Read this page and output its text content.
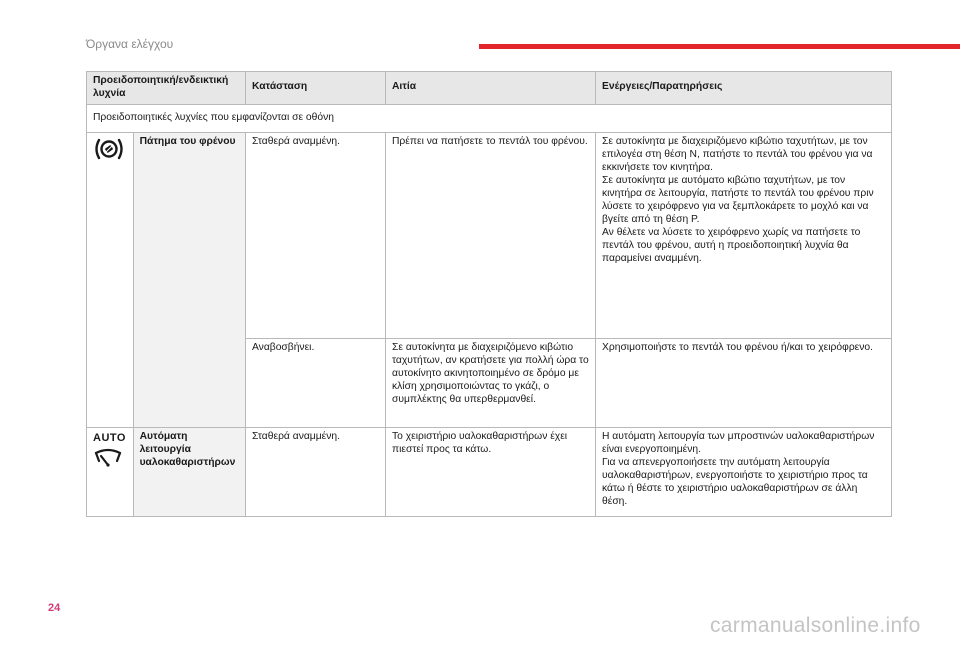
Όργανα ελέγχου
Προειδοποιητική/ενδεικτική λυχνία		Κατάσταση	Αιτία	Ενέργειες/Παρατηρήσεις
Προειδοποιητικές λυχνίες που εμφανίζονται σε οθόνη				
	Πάτημα του φρένου	Σταθερά αναμμένη.	Πρέπει να πατήσετε το πεντάλ του φρένου.	Σε αυτοκίνητα με διαχειριζόμενο κιβώτιο ταχυτήτων, με τον επιλογέα στη θέση N, πατήστε το πεντάλ του φρένου για να εκκινήσετε τον κινητήρα.
Σε αυτοκίνητα με αυτόματο κιβώτιο ταχυτήτων, με τον κινητήρα σε λειτουργία, πατήστε το πεντάλ του φρένου πριν λύσετε το χειρόφρενο για να ξεμπλοκάρετε το μοχλό και να βγείτε από τη θέση P.
Αν θέλετε να λύσετε το χειρόφρενο χωρίς να πατήσετε το πεντάλ του φρένου, αυτή η προειδοποιητική λυχνία θα παραμείνει αναμμένη.

		Αναβοσβήνει.	Σε αυτοκίνητα με διαχειριζόμενο κιβώτιο ταχυτήτων, αν κρατήσετε για πολλή ώρα το αυτοκίνητο ακινητοποιημένο σε δρόμο με κλίση χρησιμοποιώντας το γκάζι, ο συμπλέκτης θα υπερθερμανθεί.	Χρησιμοποιήστε το πεντάλ του φρένου ή/και το χειρόφρενο.

AUTO	Αυτόματη λειτουργία υαλοκαθαριστήρων	Σταθερά αναμμένη.	Το χειριστήριο υαλοκαθαριστήρων έχει πιεστεί προς τα κάτω.	Η αυτόματη λειτουργία των μπροστινών υαλοκαθαριστήρων είναι ενεργοποιημένη.
Για να απενεργοποιήσετε την αυτόματη λειτουργία υαλοκαθαριστήρων, ενεργοποιήστε το χειριστήριο προς τα κάτω ή θέστε το χειριστήριο υαλοκαθαριστήρων σε άλλη θέση.
24
carmanualsonline.info
